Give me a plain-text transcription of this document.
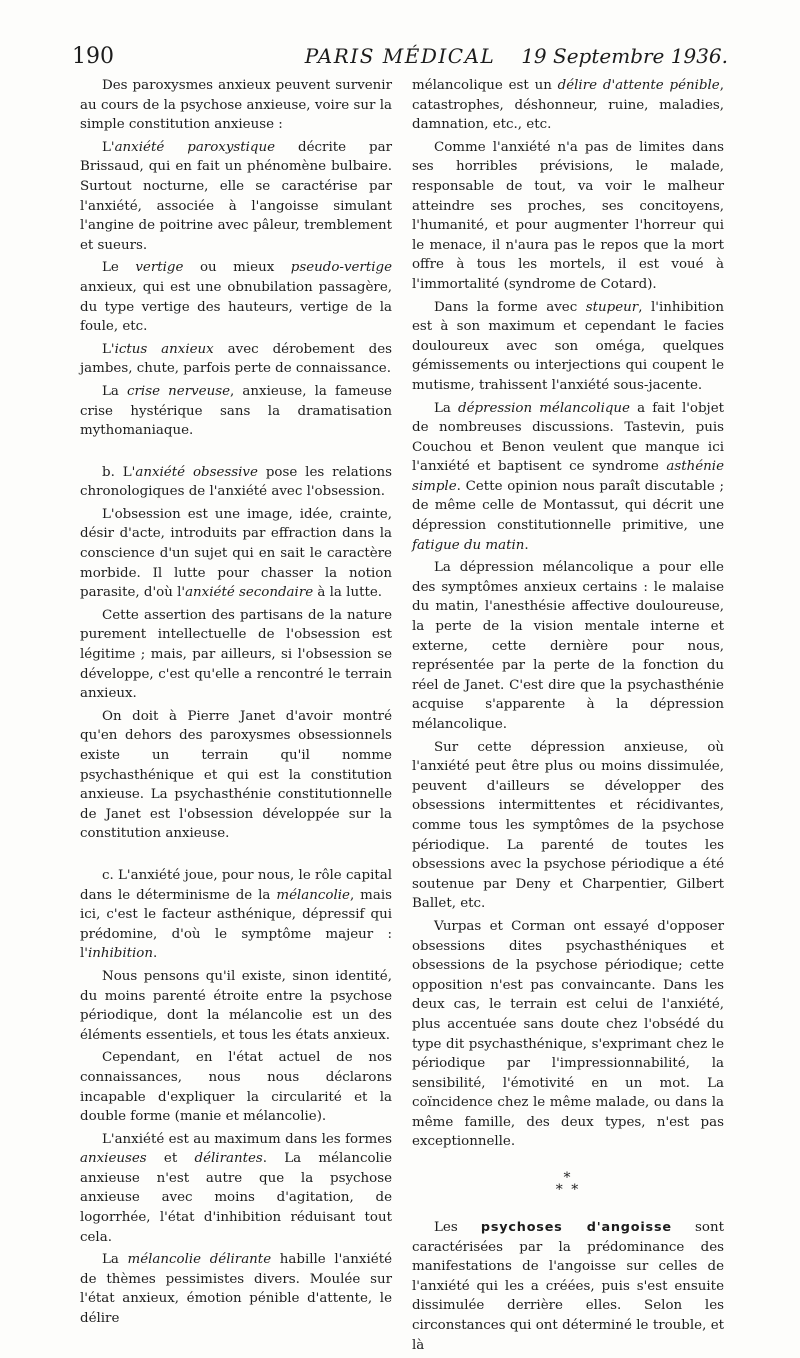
190	PARIS MÉDICAL	19 Septembre 1936.

Des paroxysmes anxieux peuvent survenir au cours de la psychose anxieuse, voire sur la simple constitution anxieuse :

L'anxiété paroxystique décrite par Brissaud, qui en fait un phénomène bulbaire. Surtout nocturne, elle se caractérise par l'anxiété, associée à l'angoisse simulant l'angine de poitrine avec pâleur, tremblement et sueurs.

Le vertige ou mieux pseudo-vertige anxieux, qui est une obnubilation passagère, du type vertige des hauteurs, vertige de la foule, etc.

L'ictus anxieux avec dérobement des jambes, chute, parfois perte de connaissance.

La crise nerveuse, anxieuse, la fameuse crise hystérique sans la dramatisation mythomaniaque.

b. L'anxiété obsessive pose les relations chronologiques de l'anxiété avec l'obsession.

L'obsession est une image, idée, crainte, désir d'acte, introduits par effraction dans la conscience d'un sujet qui en sait le caractère morbide. Il lutte pour chasser la notion parasite, d'où l'anxiété secondaire à la lutte.

Cette assertion des partisans de la nature purement intellectuelle de l'obsession est légitime ; mais, par ailleurs, si l'obsession se développe, c'est qu'elle a rencontré le terrain anxieux.

On doit à Pierre Janet d'avoir montré qu'en dehors des paroxysmes obsessionnels existe un terrain qu'il nomme psychasthénique et qui est la constitution anxieuse. La psychasthénie constitutionnelle de Janet est l'obsession développée sur la constitution anxieuse.

c. L'anxiété joue, pour nous, le rôle capital dans le déterminisme de la mélancolie, mais ici, c'est le facteur asthénique, dépressif qui prédomine, d'où le symptôme majeur : l'inhibition.

Nous pensons qu'il existe, sinon identité, du moins parenté étroite entre la psychose périodique, dont la mélancolie est un des éléments essentiels, et tous les états anxieux.

Cependant, en l'état actuel de nos connaissances, nous nous déclarons incapable d'expliquer la circularité et la double forme (manie et mélancolie).

L'anxiété est au maximum dans les formes anxieuses et délirantes. La mélancolie anxieuse n'est autre que la psychose anxieuse avec moins d'agitation, de logorrhée, l'état d'inhibition réduisant tout cela.

La mélancolie délirante habille l'anxiété de thèmes pessimistes divers. Moulée sur l'état anxieux, émotion pénible d'attente, le délire

mélancolique est un délire d'attente pénible, catastrophes, déshonneur, ruine, maladies, damnation, etc., etc.

Comme l'anxiété n'a pas de limites dans ses horribles prévisions, le malade, responsable de tout, va voir le malheur atteindre ses proches, ses concitoyens, l'humanité, et pour augmenter l'horreur qui le menace, il n'aura pas le repos que la mort offre à tous les mortels, il est voué à l'immortalité (syndrome de Cotard).

Dans la forme avec stupeur, l'inhibition est à son maximum et cependant le facies douloureux avec son oméga, quelques gémissements ou interjections qui coupent le mutisme, trahissent l'anxiété sous-jacente.

La dépression mélancolique a fait l'objet de nombreuses discussions. Tastevin, puis Couchou et Benon veulent que manque ici l'anxiété et baptisent ce syndrome asthénie simple. Cette opinion nous paraît discutable ; de même celle de Montassut, qui décrit une dépression constitutionnelle primitive, une fatigue du matin.

La dépression mélancolique a pour elle des symptômes anxieux certains : le malaise du matin, l'anesthésie affective douloureuse, la perte de la vision mentale interne et externe, cette dernière pour nous, représentée par la perte de la fonction du réel de Janet. C'est dire que la psychasthénie acquise s'apparente à la dépression mélancolique.

Sur cette dépression anxieuse, où l'anxiété peut être plus ou moins dissimulée, peuvent d'ailleurs se développer des obsessions intermittentes et récidivantes, comme tous les symptômes de la psychose périodique. La parenté de toutes les obsessions avec la psychose périodique a été soutenue par Deny et Charpentier, Gilbert Ballet, etc.

Vurpas et Corman ont essayé d'opposer obsessions dites psychasthéniques et obsessions de la psychose périodique; cette opposition n'est pas convaincante. Dans les deux cas, le terrain est celui de l'anxiété, plus accentuée sans doute chez l'obsédé du type dit psychasthénique, s'exprimant chez le périodique par l'impressionnabilité, la sensibilité, l'émotivité en un mot. La coïncidence chez le même malade, ou dans la même famille, des deux types, n'est pas exceptionnelle.

*
* *

Les psychoses d'angoisse sont caractérisées par la prédominance des manifestations de l'angoisse sur celles de l'anxiété qui les a créées, puis s'est ensuite dissimulée derrière elles. Selon les circonstances qui ont déterminé le trouble, et là
